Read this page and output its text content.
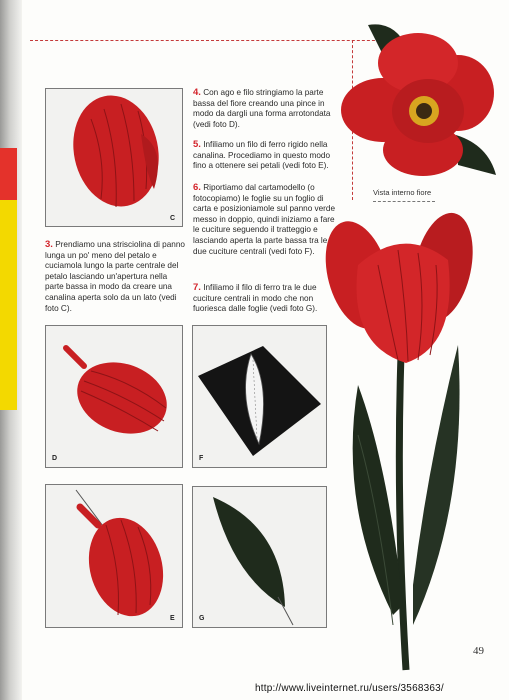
C
3. Prendiamo una strisciolina di panno lunga un po' meno del petalo e cuciamola lungo la parte centrale del petalo lasciando un'apertura nella parte bassa in modo da creare una canalina aperta solo da un lato (vedi foto C).
4. Con ago e filo stringiamo la parte bassa del fiore creando una pince in modo da dargli una forma arrotondata (vedi foto D).
5. Infiliamo un filo di ferro rigido nella canalina. Procediamo in questo modo fino a ottenere sei petali (vedi foto E).
6. Riportiamo dal cartamodello (o fotocopiamo) le foglie su un foglio di carta e posizioniamole sul panno verde messo in doppio, quindi iniziamo a fare le cuciture seguendo il tratteggio e lasciando aperta la parte bassa tra le due cuciture centrali (vedi foto F).
7. Infiliamo il filo di ferro tra le due cuciture centrali in modo che non fuoriesca dalle foglie (vedi foto G).
D	F
E	G
Vista interno fiore
49
http://www.liveinternet.ru/users/3568363/
